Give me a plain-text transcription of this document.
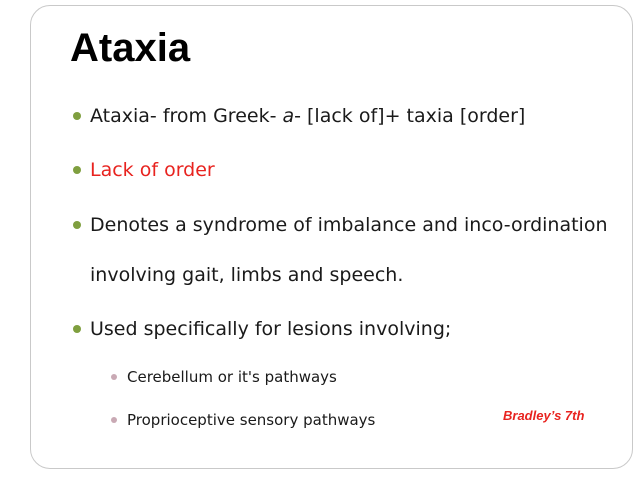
Ataxia
Ataxia- from Greek- a- [lack of]+ taxia [order]
Lack of order
Denotes a syndrome of imbalance and inco-ordination
involving gait, limbs and speech.
Used specifically for lesions involving;
Cerebellum or it's pathways
Proprioceptive sensory pathways	Bradley’s 7th
